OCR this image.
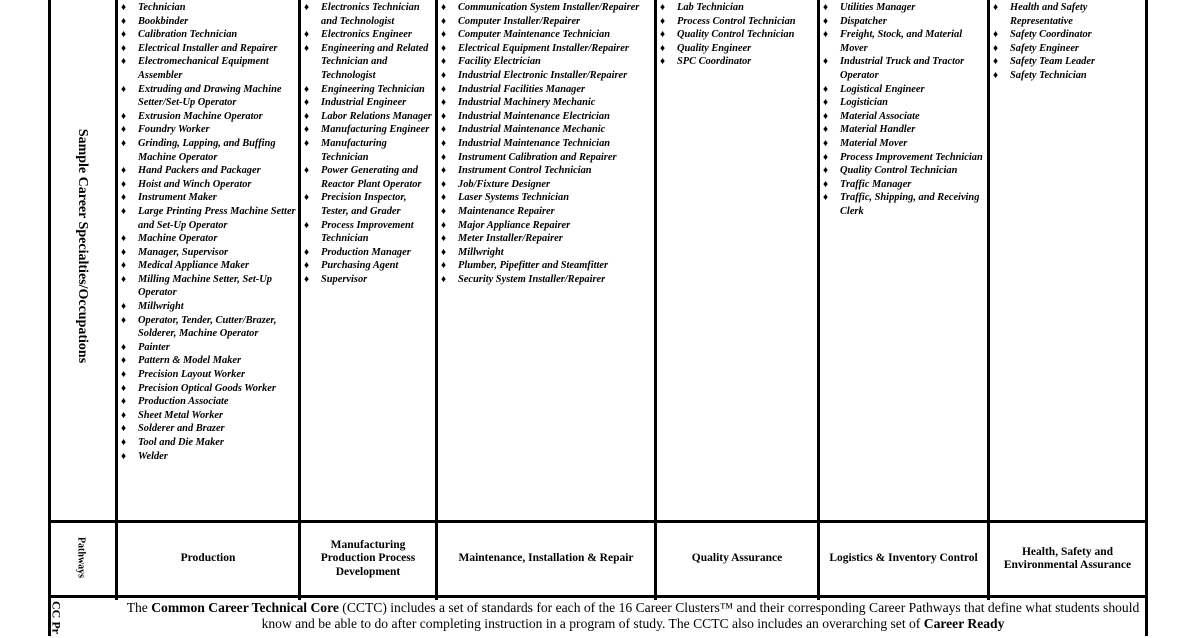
Sample Career Specialties/Occupations
Pathways
CC Pr
♦ Technician
♦ Bookbinder
♦ Calibration Technician
♦ Electrical Installer and Repairer
♦ Electromechanical Equipment Assembler
♦ Extruding and Drawing Machine Setter/Set-Up Operator
♦ Extrusion Machine Operator
♦ Foundry Worker
♦ Grinding, Lapping, and Buffing Machine Operator
♦ Hand Packers and Packager
♦ Hoist and Winch Operator
♦ Instrument Maker
♦ Large Printing Press Machine Setter and Set-Up Operator
♦ Machine Operator
♦ Manager, Supervisor
♦ Medical Appliance Maker
♦ Milling Machine Setter, Set-Up Operator
♦ Millwright
♦ Operator, Tender, Cutter/Brazer, Solderer, Machine Operator
♦ Painter
♦ Pattern & Model Maker
♦ Precision Layout Worker
♦ Precision Optical Goods Worker
♦ Production Associate
♦ Sheet Metal Worker
♦ Solderer and Brazer
♦ Tool and Die Maker
♦ Welder
♦ Electronics Technician and Technologist
♦ Electronics Engineer
♦ Engineering and Related Technician and Technologist
♦ Engineering Technician
♦ Industrial Engineer
♦ Labor Relations Manager
♦ Manufacturing Engineer
♦ Manufacturing Technician
♦ Power Generating and Reactor Plant Operator
♦ Precision Inspector, Tester, and Grader
♦ Process Improvement Technician
♦ Production Manager
♦ Purchasing Agent
♦ Supervisor
♦ Communication System Installer/Repairer
♦ Computer Installer/Repairer
♦ Computer Maintenance Technician
♦ Electrical Equipment Installer/Repairer
♦ Facility Electrician
♦ Industrial Electronic Installer/Repairer
♦ Industrial Facilities Manager
♦ Industrial Machinery Mechanic
♦ Industrial Maintenance Electrician
♦ Industrial Maintenance Mechanic
♦ Industrial Maintenance Technician
♦ Instrument Calibration and Repairer
♦ Instrument Control Technician
♦ Job/Fixture Designer
♦ Laser Systems Technician
♦ Maintenance Repairer
♦ Major Appliance Repairer
♦ Meter Installer/Repairer
♦ Millwright
♦ Plumber, Pipefitter and Steamfitter
♦ Security System Installer/Repairer
♦ Lab Technician
♦ Process Control Technician
♦ Quality Control Technician
♦ Quality Engineer
♦ SPC Coordinator
♦ Utilities Manager
♦ Dispatcher
♦ Freight, Stock, and Material Mover
♦ Industrial Truck and Tractor Operator
♦ Logistical Engineer
♦ Logistician
♦ Material Associate
♦ Material Handler
♦ Material Mover
♦ Process Improvement Technician
♦ Quality Control Technician
♦ Traffic Manager
♦ Traffic, Shipping, and Receiving Clerk
♦ Health and Safety Representative
♦ Safety Coordinator
♦ Safety Engineer
♦ Safety Team Leader
♦ Safety Technician
Production
Manufacturing Production Process Development
Maintenance, Installation & Repair	Quality Assurance	Logistics & Inventory Control
Health, Safety and Environmental Assurance
The Common Career Technical Core (CCTC) includes a set of standards for each of the 16 Career Clusters™ and their corresponding Career Pathways that define what students should know and be able to do after completing instruction in a program of study. The CCTC also includes an overarching set of Career Ready
